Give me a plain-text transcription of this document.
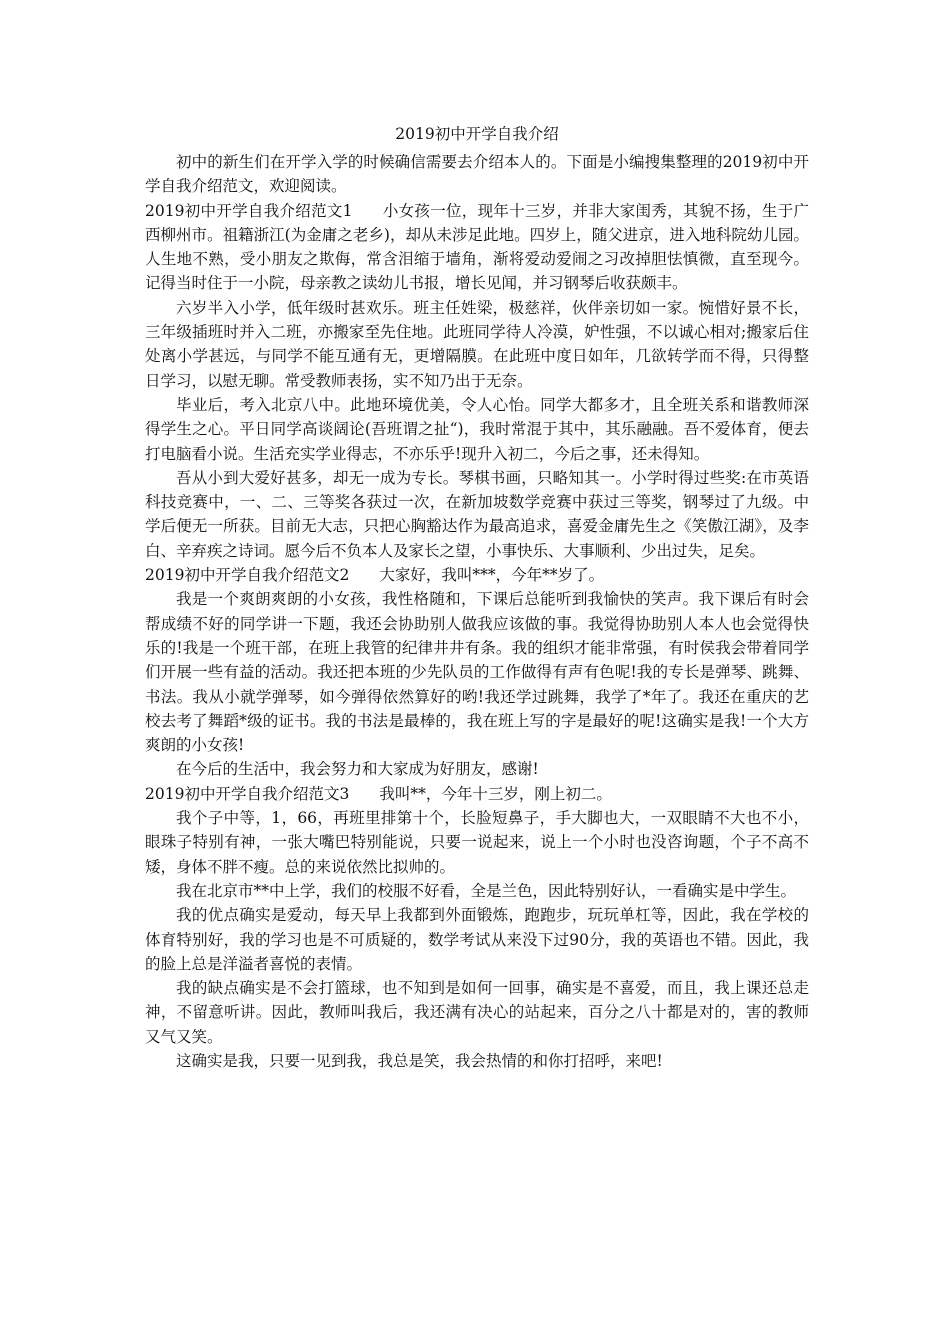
2019初中开学自我介绍

初中的新生们在开学入学的时候确信需要去介绍本人的。下面是小编搜集整理的2019初中开学自我介绍范文，欢迎阅读。

2019初中开学自我介绍范文1 小女孩一位，现年十三岁，并非大家闺秀，其貌不扬，生于广西柳州市。祖籍浙江(为金庸之老乡)，却从未涉足此地。四岁上，随父进京，进入地科院幼儿园。人生地不熟，受小朋友之欺侮，常含泪缩于墙角，渐将爱动爱闹之习改掉胆怯慎微，直至现今。记得当时住于一小院，母亲教之读幼儿书报，增长见闻，并习钢琴后收获颇丰。

六岁半入小学，低年级时甚欢乐。班主任姓梁，极慈祥，伙伴亲切如一家。惋惜好景不长，三年级插班时并入二班，亦搬家至先住地。此班同学待人冷漠，妒性强，不以诚心相对;搬家后住处离小学甚远，与同学不能互通有无，更增隔膜。在此班中度日如年，几欲转学而不得，只得整日学习，以慰无聊。常受教师表扬，实不知乃出于无奈。

毕业后，考入北京八中。此地环境优美，令人心怡。同学大都多才，且全班关系和谐教师深得学生之心。平日同学高谈阔论(吾班谓之扯“)，我时常混于其中，其乐融融。吾不爱体育，便去打电脑看小说。生活充实学业得志，不亦乐乎!现升入初二，今后之事，还未得知。

吾从小到大爱好甚多，却无一成为专长。琴棋书画，只略知其一。小学时得过些奖:在市英语科技竞赛中，一、二、三等奖各获过一次，在新加坡数学竞赛中获过三等奖，钢琴过了九级。中学后便无一所获。目前无大志，只把心胸豁达作为最高追求，喜爱金庸先生之《笑傲江湖》，及李白、辛弃疾之诗词。愿今后不负本人及家长之望，小事快乐、大事顺利、少出过失，足矣。

2019初中开学自我介绍范文2 大家好，我叫***，今年**岁了。

我是一个爽朗爽朗的小女孩，我性格随和，下课后总能听到我愉快的笑声。我下课后有时会帮成绩不好的同学讲一下题，我还会协助别人做我应该做的事。我觉得协助别人本人也会觉得快乐的!我是一个班干部，在班上我管的纪律井井有条。我的组织才能非常强，有时侯我会带着同学们开展一些有益的活动。我还把本班的少先队员的工作做得有声有色呢!我的专长是弹琴、跳舞、书法。我从小就学弹琴，如今弹得依然算好的哟!我还学过跳舞，我学了*年了。我还在重庆的艺校去考了舞蹈*级的证书。我的书法是最棒的，我在班上写的字是最好的呢!这确实是我!一个大方爽朗的小女孩!

在今后的生活中，我会努力和大家成为好朋友，感谢!

2019初中开学自我介绍范文3 我叫**，今年十三岁，刚上初二。

我个子中等，1，66，再班里排第十个，长脸短鼻子，手大脚也大，一双眼睛不大也不小，眼珠子特别有神，一张大嘴巴特别能说，只要一说起来，说上一个小时也没咨询题，个子不高不矮，身体不胖不瘦。总的来说依然比拟帅的。

我在北京市**中上学，我们的校服不好看，全是兰色，因此特别好认，一看确实是中学生。

我的优点确实是爱动，每天早上我都到外面锻炼，跑跑步，玩玩单杠等，因此，我在学校的体育特别好，我的学习也是不可质疑的，数学考试从来没下过90分，我的英语也不错。因此，我的脸上总是洋溢者喜悦的表情。

我的缺点确实是不会打篮球，也不知到是如何一回事，确实是不喜爱，而且，我上课还总走神，不留意听讲。因此，教师叫我后，我还满有决心的站起来，百分之八十都是对的，害的教师又气又笑。

这确实是我，只要一见到我，我总是笑，我会热情的和你打招呼，来吧!
